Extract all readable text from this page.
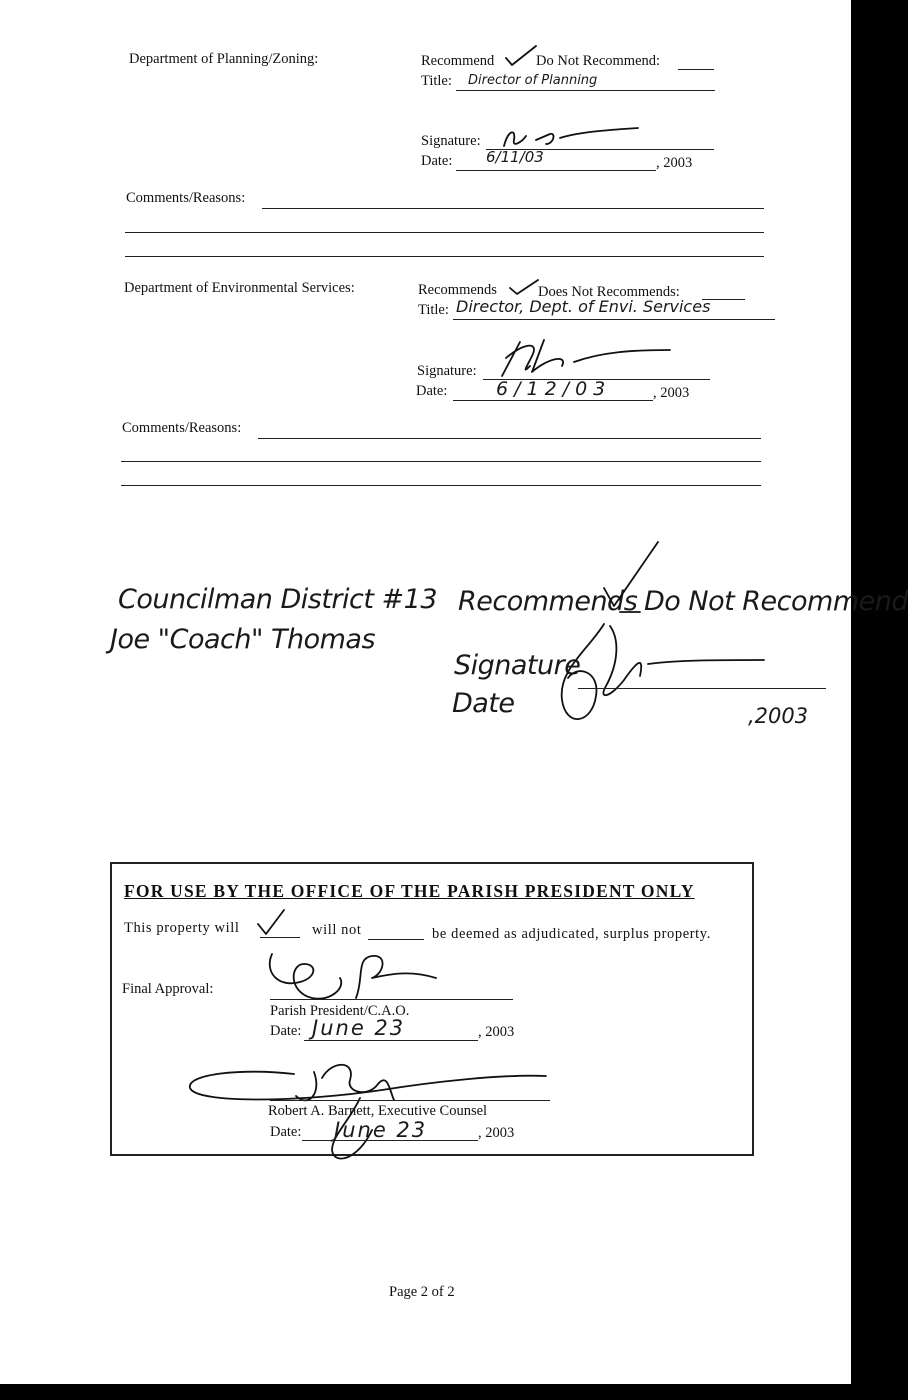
Department of Planning/Zoning:	Recommend	Do Not Recommend:
Title: Director of Planning
Signature:
Date: 6/11/03	, 2003
Comments/Reasons:
Department of Environmental Services:	Recommends	Does Not Recommends:
Title: Director, Dept. of Envi. Services
Signature:
Date:	6/12/03	, 2003
Comments/Reasons:
Councilman District #13
Joe "Coach" Thomas
Recommends Do Not Recommend
Signature
Date	,2003
FOR USE BY THE OFFICE OF THE PARISH PRESIDENT ONLY
This property will	will not	be deemed as adjudicated, surplus property.
Final Approval:
Parish President/C.A.O.
Date: June 23	, 2003
Robert A. Barnett, Executive Counsel
Date: June 23	, 2003
Page 2 of 2
